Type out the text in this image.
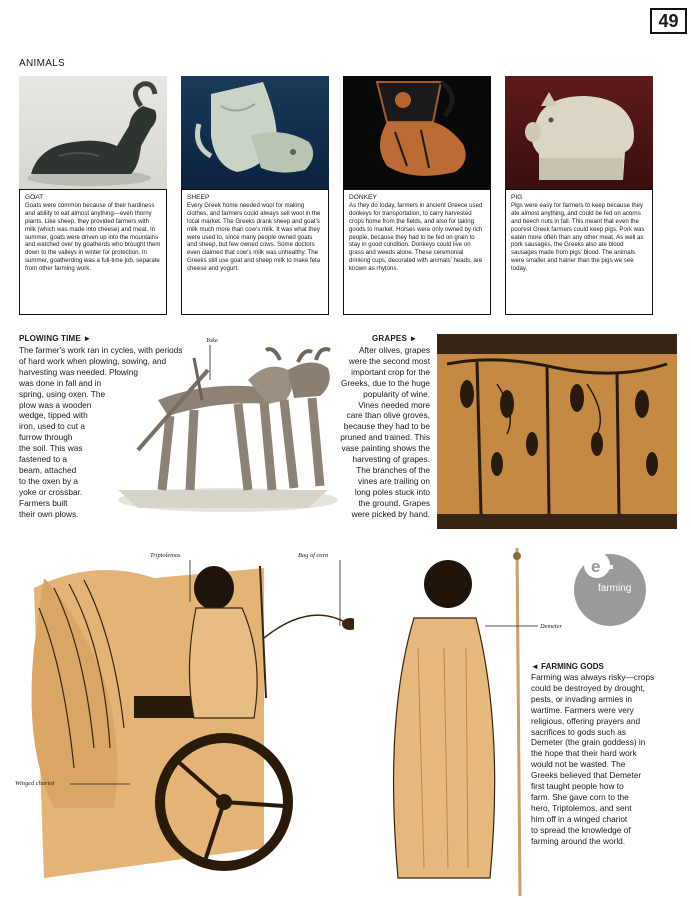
49
ANIMALS
GOAT
Goats were common because of their hardiness and ability to eat almost anything—even thorny plants. Like sheep, they provided farmers with milk (which was made into cheese) and meat. In summer, goats were driven up into the mountains and watched over by goatherds who brought them down to the valleys in winter for protection. In summer, goatherding was a full-time job, separate from other farming work.
SHEEP
Every Greek home needed wool for making clothes, and farmers could always sell wool in the local market. The Greeks drank sheep and goat's milk much more than cow's milk. It was what they were used to, since many people owned goats and sheep, but few owned cows. Some doctors even claimed that cow's milk was unhealthy. The Greeks still use goat and sheep milk to make feta cheese and yogurt.
DONKEY
As they do today, farmers in ancient Greece used donkeys for transportation, to carry harvested crops home from the fields, and also for taking goods to market. Horses were only owned by rich people, because they had to be fed on grain to stay in good condition. Donkeys could live on grass and weeds alone. These ceremonial drinking cups, decorated with animals' heads, are known as rhytons.
PIG
Pigs were easy for farmers to keep because they ate almost anything, and could be fed on acorns and beech nuts in fall. This meant that even the poorest Greek farmers could keep pigs. Pork was eaten more often than any other meat. As well as pork sausages, the Greeks also ate blood sausages made from pigs' blood. The animals were smaller and hairier than the pigs we see today.
PLOWING TIME ►
The farmer's work ran in cycles, with periods
of hard work when plowing, sowing, and
harvesting was needed. Plowing
was done in fall and in
spring, using oxen. The
plow was a wooden
wedge, tipped with
iron, used to cut a
furrow through
the soil. This was
fastened to a
beam, attached
to the oxen by a
yoke or crossbar.
Farmers built
their own plows.
Yoke	GRAPES ►
After olives, grapes
were the second most
important crop for the
Greeks, due to the huge
popularity of wine.
Vines needed more
care than olive groves,
because they had to be
pruned and trained. This
vase painting shows the
harvesting of grapes.
The branches of the
vines are trailing on
long poles stuck into
the ground. Grapes
were picked by hand.
Triptolemos	Bag of corn
Demeter
Winged chariot
e
farming
◄ FARMING GODS
Farming was always risky—crops
could be destroyed by drought,
pests, or invading armies in
wartime. Farmers were very
religious, offering prayers and
sacrifices to gods such as
Demeter (the grain goddess) in
the hope that their hard work
would not be wasted. The
Greeks believed that Demeter
first taught people how to
farm. She gave corn to the
hero, Triptolemos, and sent
him off in a winged chariot
to spread the knowledge of
farming around the world.
